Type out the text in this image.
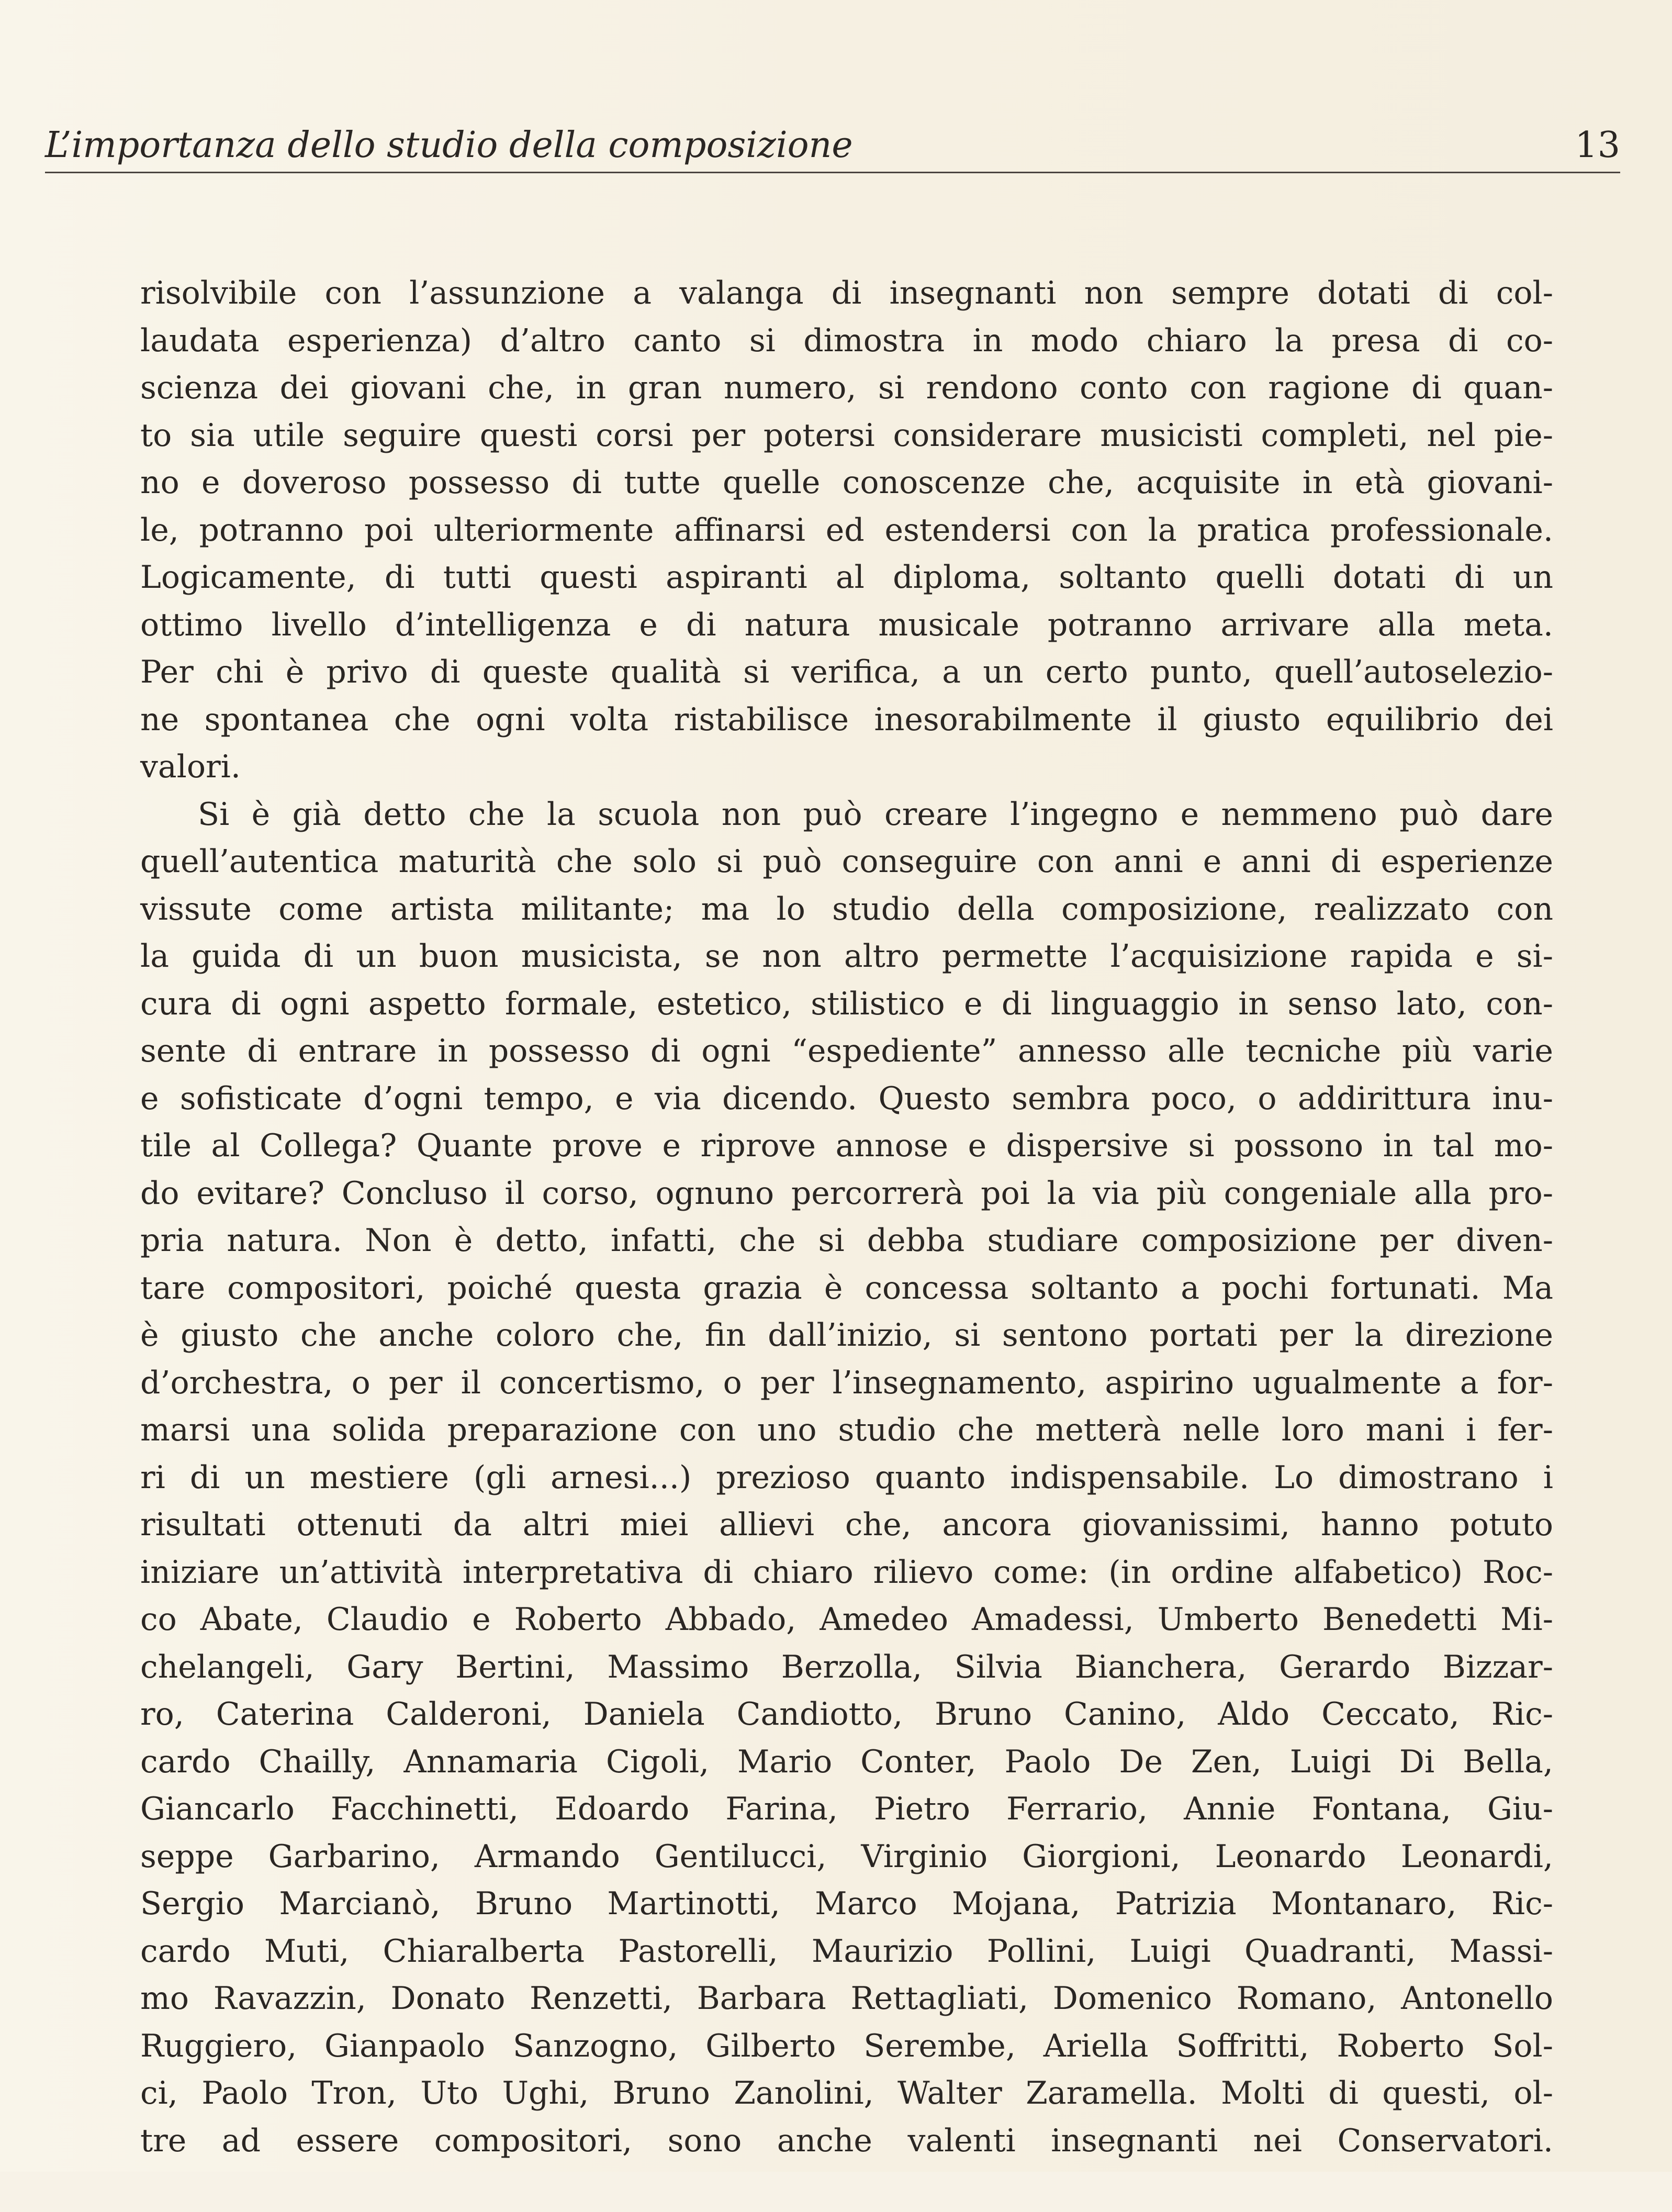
L’importanza dello studio della composizione	13
risolvibile con l’assunzione a valanga di insegnanti non sempre dotati di col-
laudata esperienza) d’altro canto si dimostra in modo chiaro la presa di co-
scienza dei giovani che, in gran numero, si rendono conto con ragione di quan-
to sia utile seguire questi corsi per potersi considerare musicisti completi, nel pie-
no e doveroso possesso di tutte quelle conoscenze che, acquisite in età giovani-
le, potranno poi ulteriormente affinarsi ed estendersi con la pratica professionale.
Logicamente, di tutti questi aspiranti al diploma, soltanto quelli dotati di un
ottimo livello d’intelligenza e di natura musicale potranno arrivare alla meta.
Per chi è privo di queste qualità si verifica, a un certo punto, quell’autoselezio-
ne spontanea che ogni volta ristabilisce inesorabilmente il giusto equilibrio dei
valori.
Si è già detto che la scuola non può creare l’ingegno e nemmeno può dare
quell’autentica maturità che solo si può conseguire con anni e anni di esperienze
vissute come artista militante; ma lo studio della composizione, realizzato con
la guida di un buon musicista, se non altro permette l’acquisizione rapida e si-
cura di ogni aspetto formale, estetico, stilistico e di linguaggio in senso lato, con-
sente di entrare in possesso di ogni “espediente” annesso alle tecniche più varie
e sofisticate d’ogni tempo, e via dicendo. Questo sembra poco, o addirittura inu-
tile al Collega? Quante prove e riprove annose e dispersive si possono in tal mo-
do evitare? Concluso il corso, ognuno percorrerà poi la via più congeniale alla pro-
pria natura. Non è detto, infatti, che si debba studiare composizione per diven-
tare compositori, poiché questa grazia è concessa soltanto a pochi fortunati. Ma
è giusto che anche coloro che, fin dall’inizio, si sentono portati per la direzione
d’orchestra, o per il concertismo, o per l’insegnamento, aspirino ugualmente a for-
marsi una solida preparazione con uno studio che metterà nelle loro mani i fer-
ri di un mestiere (gli arnesi...) prezioso quanto indispensabile. Lo dimostrano i
risultati ottenuti da altri miei allievi che, ancora giovanissimi, hanno potuto
iniziare un’attività interpretativa di chiaro rilievo come: (in ordine alfabetico) Roc-
co Abate, Claudio e Roberto Abbado, Amedeo Amadessi, Umberto Benedetti Mi-
chelangeli, Gary Bertini, Massimo Berzolla, Silvia Bianchera, Gerardo Bizzar-
ro, Caterina Calderoni, Daniela Candiotto, Bruno Canino, Aldo Ceccato, Ric-
cardo Chailly, Annamaria Cigoli, Mario Conter, Paolo De Zen, Luigi Di Bella,
Giancarlo Facchinetti, Edoardo Farina, Pietro Ferrario, Annie Fontana, Giu-
seppe Garbarino, Armando Gentilucci, Virginio Giorgioni, Leonardo Leonardi,
Sergio Marcianò, Bruno Martinotti, Marco Mojana, Patrizia Montanaro, Ric-
cardo Muti, Chiaralberta Pastorelli, Maurizio Pollini, Luigi Quadranti, Massi-
mo Ravazzin, Donato Renzetti, Barbara Rettagliati, Domenico Romano, Antonello
Ruggiero, Gianpaolo Sanzogno, Gilberto Serembe, Ariella Soffritti, Roberto Sol-
ci, Paolo Tron, Uto Ughi, Bruno Zanolini, Walter Zaramella. Molti di questi, ol-
tre ad essere compositori, sono anche valenti insegnanti nei Conservatori.
